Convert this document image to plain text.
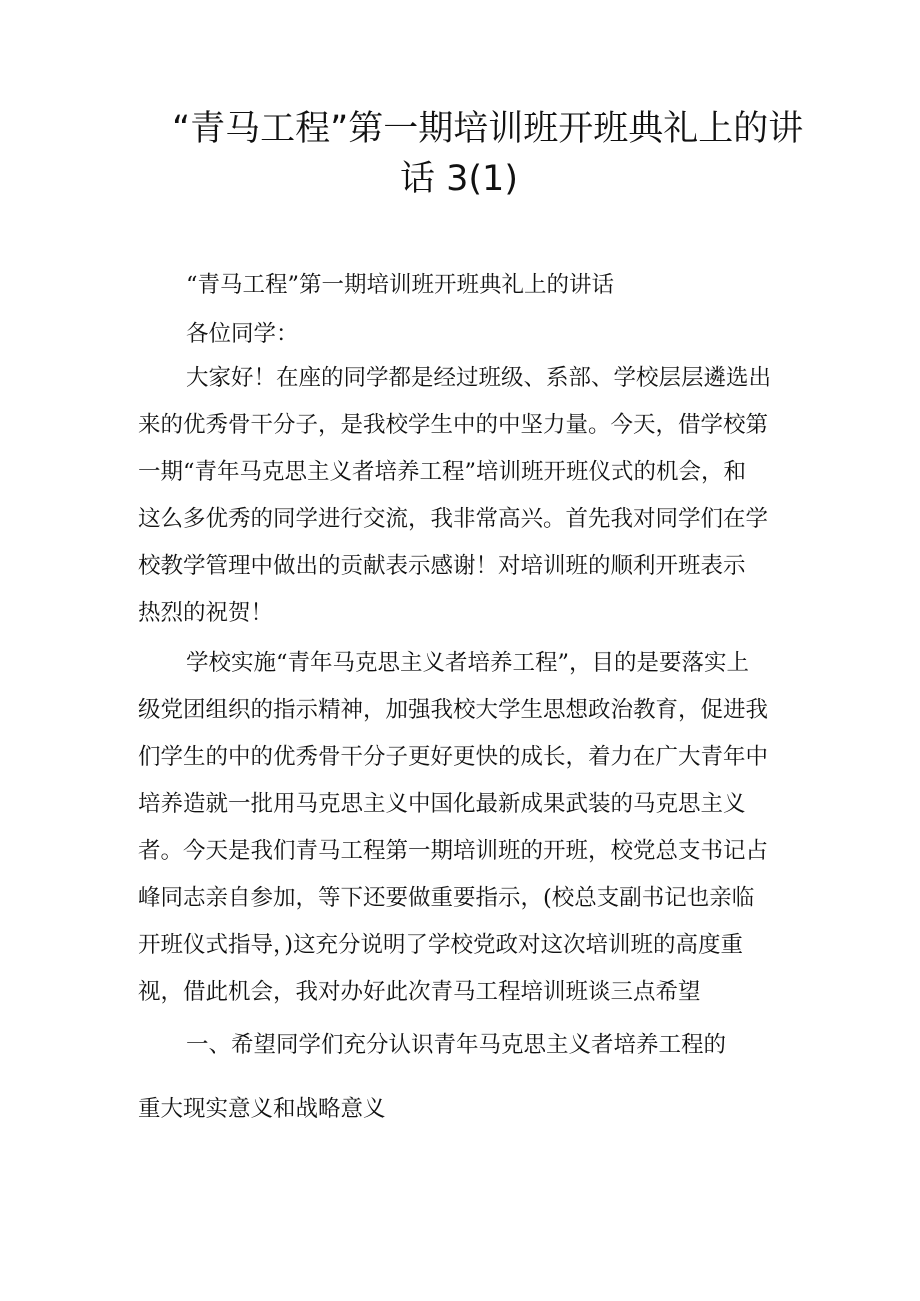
“青马工程”第一期培训班开班典礼上的讲
话 3(1)
“青马工程”第一期培训班开班典礼上的讲话
各位同学：
大家好！在座的同学都是经过班级、系部、学校层层遴选出
来的优秀骨干分子，是我校学生中的中坚力量。今天，借学校第
一期“青年马克思主义者培养工程”培训班开班仪式的机会，和
这么多优秀的同学进行交流，我非常高兴。首先我对同学们在学
校教学管理中做出的贡献表示感谢！对培训班的顺利开班表示
热烈的祝贺！
学校实施“青年马克思主义者培养工程”，目的是要落实上
级党团组织的指示精神，加强我校大学生思想政治教育，促进我
们学生的中的优秀骨干分子更好更快的成长，着力在广大青年中
培养造就一批用马克思主义中国化最新成果武装的马克思主义
者。今天是我们青马工程第一期培训班的开班，校党总支书记占
峰同志亲自参加，等下还要做重要指示，(校总支副书记也亲临
开班仪式指导，)这充分说明了学校党政对这次培训班的高度重
视，借此机会，我对办好此次青马工程培训班谈三点希望
一、希望同学们充分认识青年马克思主义者培养工程的
重大现实意义和战略意义
